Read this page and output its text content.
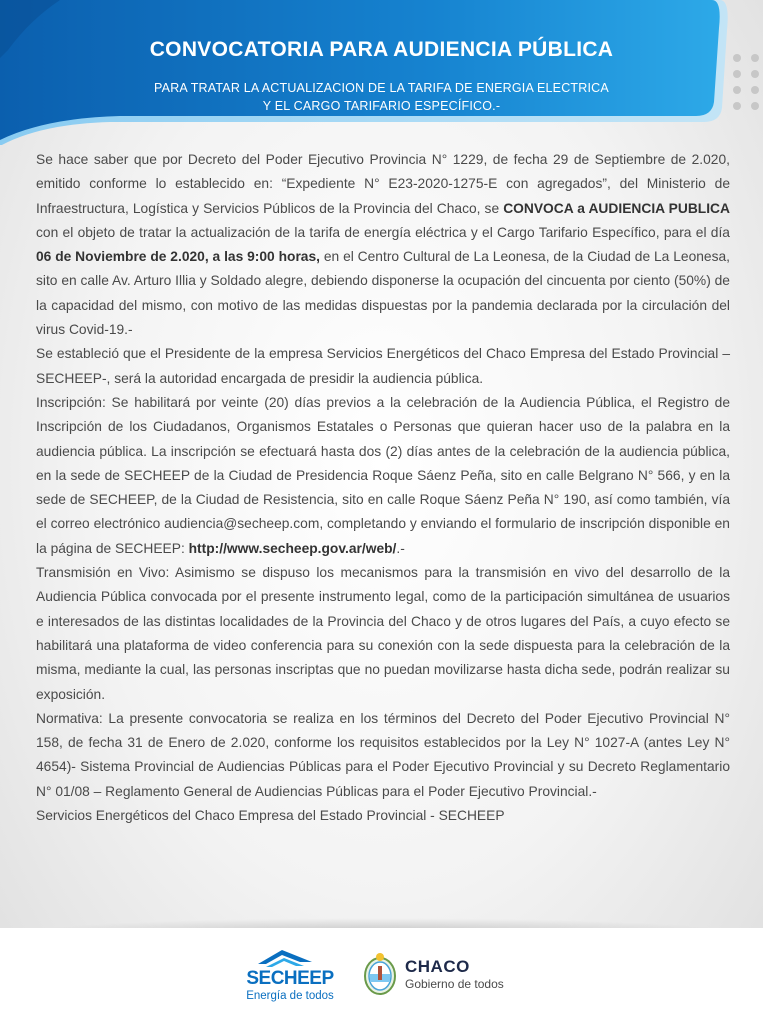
CONVOCATORIA PARA AUDIENCIA PÚBLICA
PARA TRATAR LA ACTUALIZACION DE LA TARIFA DE ENERGIA ELECTRICA
Y EL CARGO TARIFARIO ESPECÍFICO.-

Se hace saber que por Decreto del Poder Ejecutivo Provincia N° 1229, de fecha 29 de Septiembre de 2.020, emitido conforme lo establecido en: “Expediente N° E23-2020-1275-E con agregados”, del Ministerio de Infraestructura, Logística y Servicios Públicos de la Provincia del Chaco, se CONVOCA a AUDIENCIA PUBLICA con el objeto de tratar la actualización de la tarifa de energía eléctrica y el Cargo Tarifario Específico, para el día 06 de Noviembre de 2.020, a las 9:00 horas, en el Centro Cultural de La Leonesa, de la Ciudad de La Leonesa, sito en calle Av. Arturo Illia y Soldado alegre, debiendo disponerse la ocupación del cincuenta por ciento (50%) de la capacidad del mismo, con motivo de las medidas dispuestas por la pandemia declarada por la circulación del virus Covid-19.-

Se estableció que el Presidente de la empresa Servicios Energéticos del Chaco Empresa del Estado Provincial –SECHEEP-, será la autoridad encargada de presidir la audiencia pública.

Inscripción: Se habilitará por veinte (20) días previos a la celebración de la Audiencia Pública, el Registro de Inscripción de los Ciudadanos, Organismos Estatales o Personas que quieran hacer uso de la palabra en la audiencia pública. La inscripción se efectuará hasta dos (2) días antes de la celebración de la audiencia pública, en la sede de SECHEEP de la Ciudad de Presidencia Roque Sáenz Peña, sito en calle Belgrano N° 566, y en la sede de SECHEEP, de la Ciudad de Resistencia, sito en calle Roque Sáenz Peña N° 190, así como también, vía el correo electrónico audiencia@secheep.com, completando y enviando el formulario de inscripción disponible en la página de SECHEEP: http://www.secheep.gov.ar/web/.-

Transmisión en Vivo: Asimismo se dispuso los mecanismos para la transmisión en vivo del desarrollo de la Audiencia Pública convocada por el presente instrumento legal, como de la participación simultánea de usuarios e interesados de las distintas localidades de la Provincia del Chaco y de otros lugares del País, a cuyo efecto se habilitará una plataforma de video conferencia para su conexión con la sede dispuesta para la celebración de la misma, mediante la cual, las personas inscriptas que no puedan movilizarse hasta dicha sede, podrán realizar su exposición.

Normativa: La presente convocatoria se realiza en los términos del Decreto del Poder Ejecutivo Provincial N° 158, de fecha 31 de Enero de 2.020, conforme los requisitos establecidos por la Ley N° 1027-A (antes Ley N° 4654)- Sistema Provincial de Audiencias Públicas para el Poder Ejecutivo Provincial y su Decreto Reglamentario N° 01/08 – Reglamento General de Audiencias Públicas para el Poder Ejecutivo Provincial.-

Servicios Energéticos del Chaco Empresa del Estado Provincial - SECHEEP

SECHEEP
Energía de todos
CHACO
Gobierno de todos
